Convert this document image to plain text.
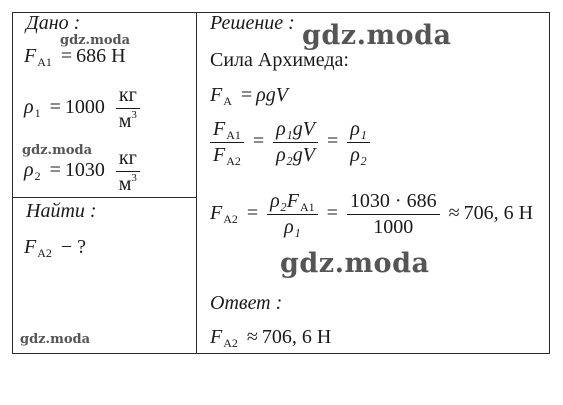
Дано :
gdz.moda
$F_{A1} = 686$ Н
$\rho_1 = 1000 \frac{кг}{м^3}$
gdz.moda
$\rho_2 = 1030 \frac{кг}{м^3}$
Найти :
$F_{A2}$ − ?
gdz.moda
Решение : gdz.moda
Сила Архимеда:
$F_A = \rho gV$
$\frac{F_{A1}}{F_{A2}} = \frac{\text{ρ₁gV}}{\text{ρ₂gV}} = \frac{\text{ρ₁}}{\text{ρ₂}}$
$F_{A2} = \frac{\rho_2F_{A1}}{\text{ρ₁}} = \frac{1030 \cdot 686}{1000} \approx 706$, 6 Н
gdz.moda
Ответ :
$F_{A2} \approx 706$, 6 Н
